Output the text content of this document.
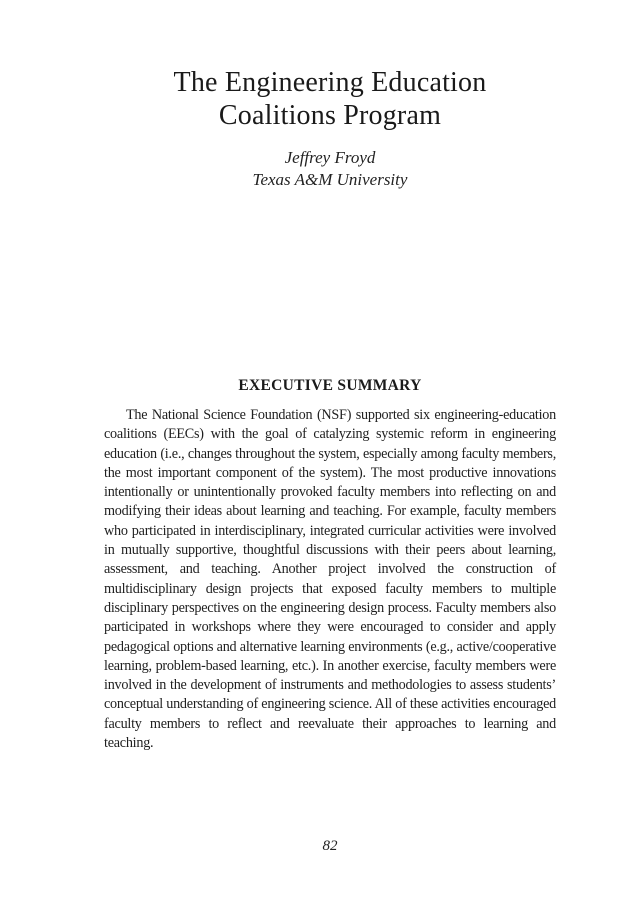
The Engineering Education
Coalitions Program
Jeffrey Froyd
Texas A&M University
EXECUTIVE SUMMARY

The National Science Foundation (NSF) supported six engineering-education coalitions (EECs) with the goal of catalyzing systemic reform in engineering education (i.e., changes throughout the system, especially among faculty members, the most important component of the system). The most productive innovations intentionally or unintentionally provoked faculty members into reflecting on and modifying their ideas about learning and teaching. For example, faculty members who participated in interdisciplinary, integrated curricular activities were involved in mutually supportive, thoughtful discussions with their peers about learning, assessment, and teaching. Another project involved the construction of multidisciplinary design projects that exposed faculty members to multiple disciplinary perspectives on the engineering design process. Faculty members also participated in workshops where they were encouraged to consider and apply pedagogical options and alternative learning environments (e.g., active/cooperative learning, problem-based learning, etc.). In another exercise, faculty members were involved in the development of instruments and methodologies to assess students’ conceptual understanding of engineering science. All of these activities encouraged faculty members to reflect and reevaluate their approaches to learning and teaching.

82
